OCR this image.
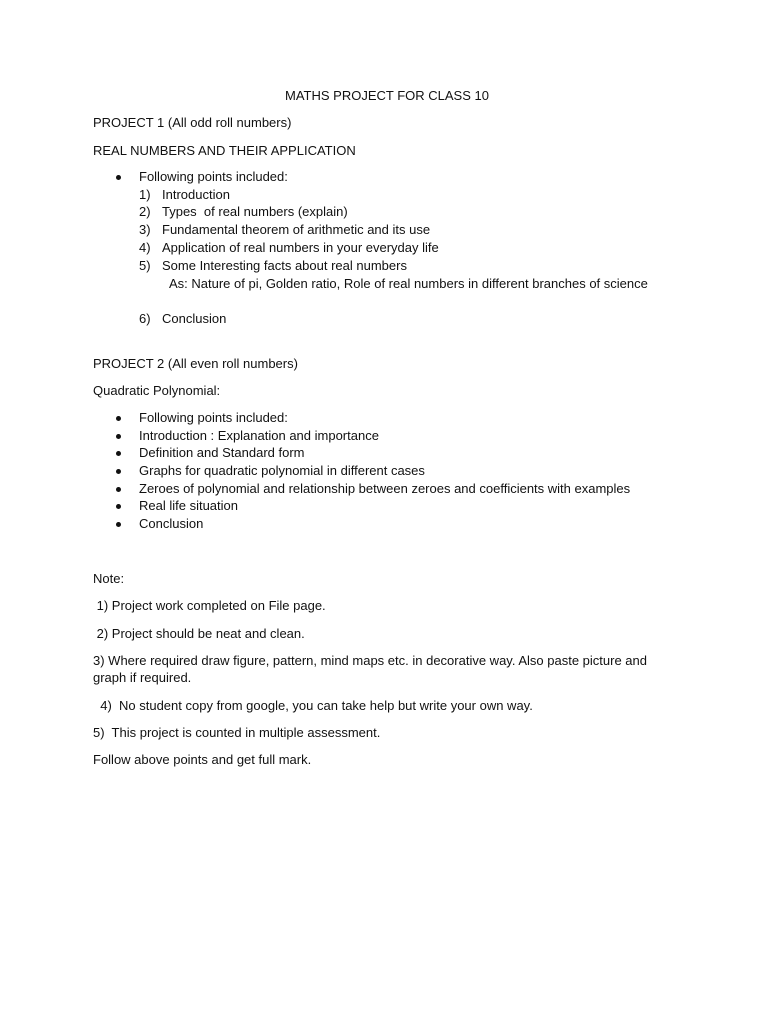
MATHS PROJECT FOR CLASS 10
PROJECT 1 (All odd roll numbers)
REAL NUMBERS AND THEIR APPLICATION
Following points included:
1) Introduction
2) Types  of real numbers (explain)
3) Fundamental theorem of arithmetic and its use
4) Application of real numbers in your everyday life
5) Some Interesting facts about real numbers
As: Nature of pi, Golden ratio, Role of real numbers in different branches of science
6) Conclusion
PROJECT 2 (All even roll numbers)
Quadratic Polynomial:
Following points included:
Introduction : Explanation and importance
Definition and Standard form
Graphs for quadratic polynomial in different cases
Zeroes of polynomial and relationship between zeroes and coefficients with examples
Real life situation
Conclusion
Note:
1) Project work completed on File page.
2) Project should be neat and clean.
3) Where required draw figure, pattern, mind maps etc. in decorative way. Also paste picture and
graph if required.
4)  No student copy from google, you can take help but write your own way.
5)  This project is counted in multiple assessment.
Follow above points and get full mark.
